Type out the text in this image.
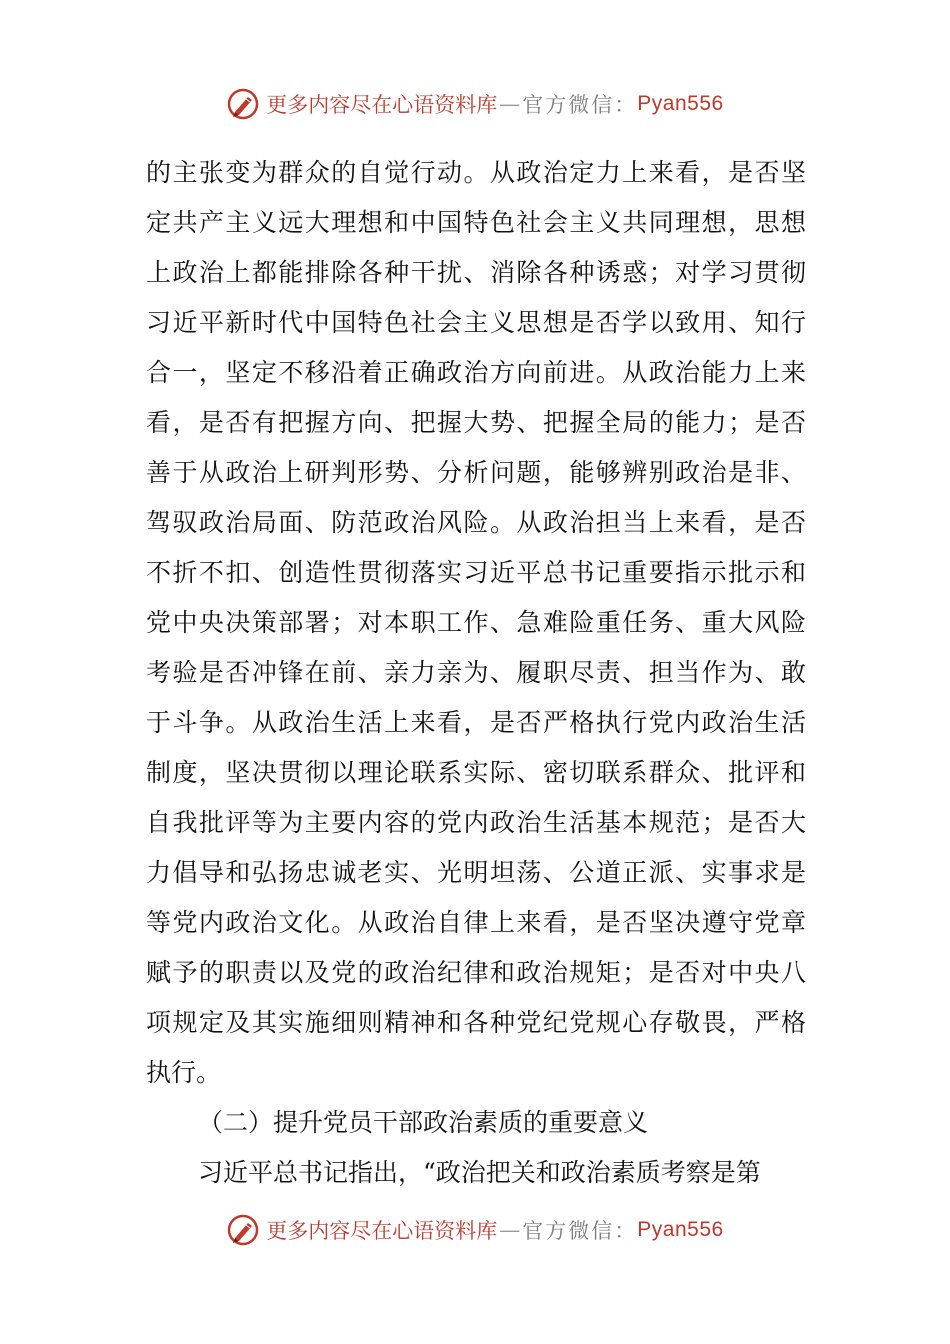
更多内容尽在心语资料库 — 官方微信： Pyan556
的主张变为群众的自觉行动。从政治定力上来看，是否坚
定共产主义远大理想和中国特色社会主义共同理想，思想
上政治上都能排除各种干扰、消除各种诱惑；对学习贯彻
习近平新时代中国特色社会主义思想是否学以致用、知行
合一，坚定不移沿着正确政治方向前进。从政治能力上来
看，是否有把握方向、把握大势、把握全局的能力；是否
善于从政治上研判形势、分析问题，能够辨别政治是非、
驾驭政治局面、防范政治风险。从政治担当上来看，是否
不折不扣、创造性贯彻落实习近平总书记重要指示批示和
党中央决策部署；对本职工作、急难险重任务、重大风险
考验是否冲锋在前、亲力亲为、履职尽责、担当作为、敢
于斗争。从政治生活上来看，是否严格执行党内政治生活
制度，坚决贯彻以理论联系实际、密切联系群众、批评和
自我批评等为主要内容的党内政治生活基本规范；是否大
力倡导和弘扬忠诚老实、光明坦荡、公道正派、实事求是
等党内政治文化。从政治自律上来看，是否坚决遵守党章
赋予的职责以及党的政治纪律和政治规矩；是否对中央八
项规定及其实施细则精神和各种党纪党规心存敬畏，严格
执行。
（二）提升党员干部政治素质的重要意义
习近平总书记指出，“政治把关和政治素质考察是第
更多内容尽在心语资料库 — 官方微信： Pyan556
